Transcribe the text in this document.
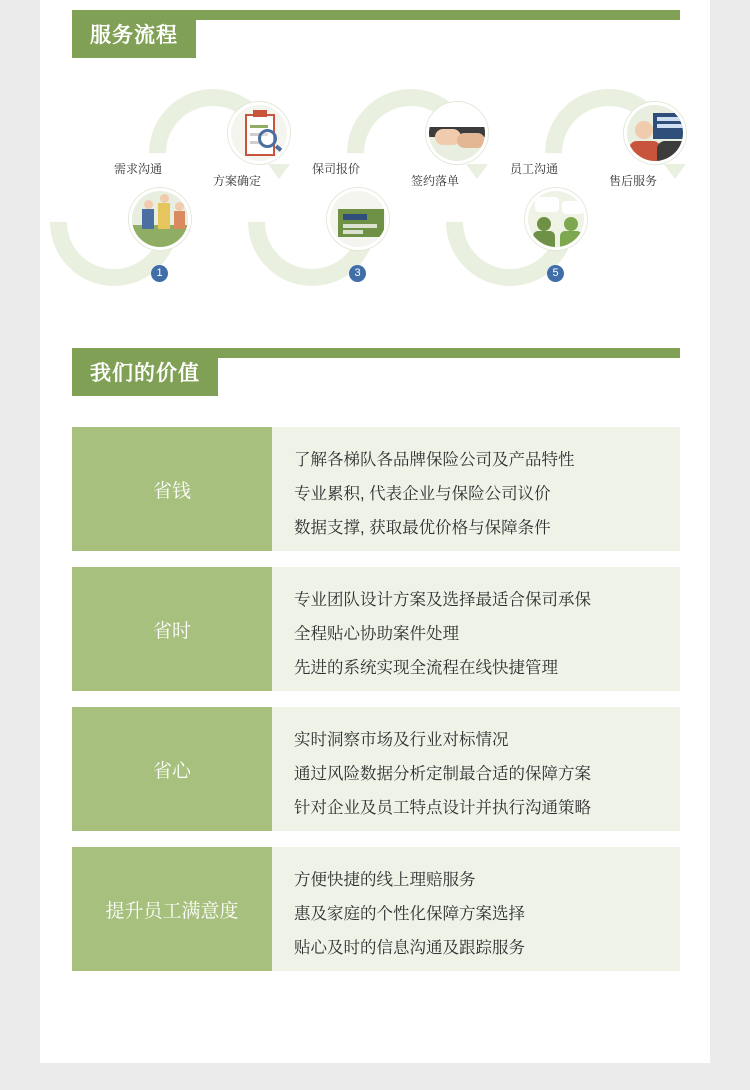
服务流程
需求沟通
1
方案确定
保司报价
3
签约落单
员工沟通
5
售后服务
我们的价值
省钱
了解各梯队各品牌保险公司及产品特性
专业累积, 代表企业与保险公司议价
数据支撑, 获取最优价格与保障条件
省时
专业团队设计方案及选择最适合保司承保
全程贴心协助案件处理
先进的系统实现全流程在线快捷管理
省心
实时洞察市场及行业对标情况
通过风险数据分析定制最合适的保障方案
针对企业及员工特点设计并执行沟通策略
提升员工满意度
方便快捷的线上理赔服务
惠及家庭的个性化保障方案选择
贴心及时的信息沟通及跟踪服务
